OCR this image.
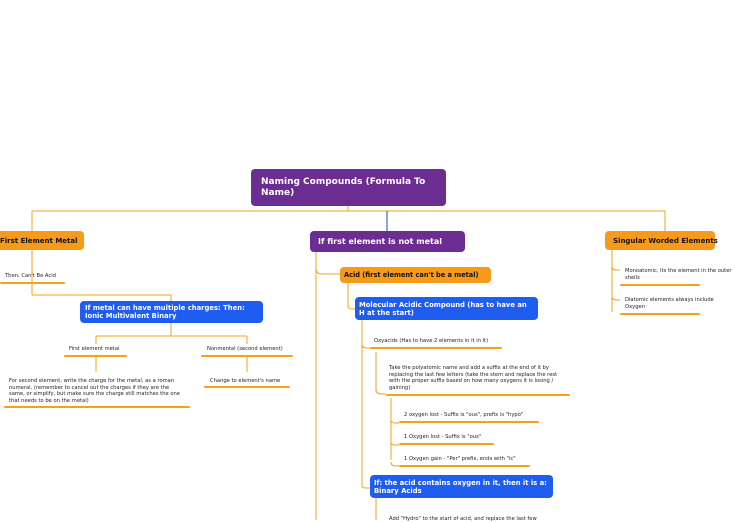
Naming Compounds (Formula To Name)
First Element Metal
Then: Can't Be Acid
If metal can have multiple charges: Then: Ionic Multivalent Binary
First element metal	Nonmental (second element)
For second element, write the charge for the metal, as a roman numeral, (remember to cancel out the charges if they are the same, or simplify, but make sure the charge still matches the one that needs to be on the metal)
Change to element's name
If first element is not metal
Acid (first element can't be a metal)
Molecular Acidic Compound (has to have an H at the start)
Oxyacids (Has to have 2 elements in it in it)
Take the polyatomic name and add a suffix at the end of it by replacing the last few letters (take the stem and replace the rest with the proper suffix based on how many oxygens it is losing / gaining)
2 oxygen lost - Suffix is "ous", prefix is "hypo"
1 Oxygen lost - Suffix is "ous"
1 Oxygen gain - "Per" prefix, ends with "ic"
If: the acid contains oxygen in it, then it is a: Binary Acids
Add "Hydro" to the start of acid, and replace the last few
Singular Worded Elements
Monoatomic, its the element in the outer shells
Diatomic elements always include Oxygen
